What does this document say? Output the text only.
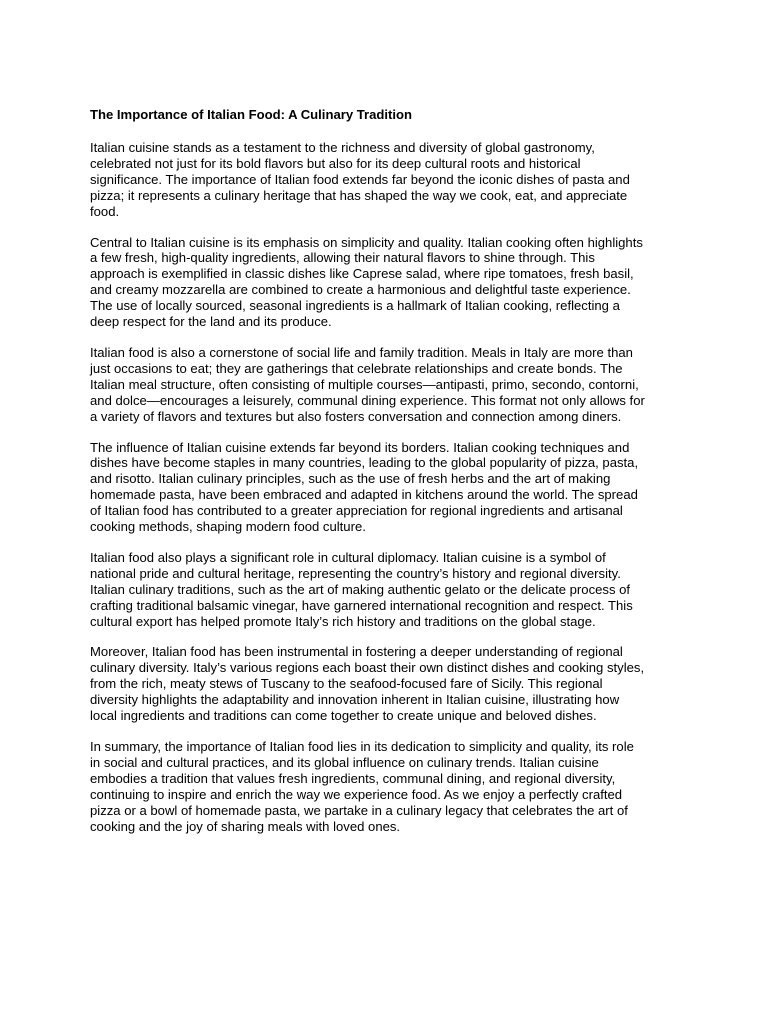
The Importance of Italian Food: A Culinary Tradition
Italian cuisine stands as a testament to the richness and diversity of global gastronomy,
celebrated not just for its bold flavors but also for its deep cultural roots and historical
significance. The importance of Italian food extends far beyond the iconic dishes of pasta and
pizza; it represents a culinary heritage that has shaped the way we cook, eat, and appreciate
food.
Central to Italian cuisine is its emphasis on simplicity and quality. Italian cooking often highlights
a few fresh, high-quality ingredients, allowing their natural flavors to shine through. This
approach is exemplified in classic dishes like Caprese salad, where ripe tomatoes, fresh basil,
and creamy mozzarella are combined to create a harmonious and delightful taste experience.
The use of locally sourced, seasonal ingredients is a hallmark of Italian cooking, reflecting a
deep respect for the land and its produce.
Italian food is also a cornerstone of social life and family tradition. Meals in Italy are more than
just occasions to eat; they are gatherings that celebrate relationships and create bonds. The
Italian meal structure, often consisting of multiple courses—antipasti, primo, secondo, contorni,
and dolce—encourages a leisurely, communal dining experience. This format not only allows for
a variety of flavors and textures but also fosters conversation and connection among diners.
The influence of Italian cuisine extends far beyond its borders. Italian cooking techniques and
dishes have become staples in many countries, leading to the global popularity of pizza, pasta,
and risotto. Italian culinary principles, such as the use of fresh herbs and the art of making
homemade pasta, have been embraced and adapted in kitchens around the world. The spread
of Italian food has contributed to a greater appreciation for regional ingredients and artisanal
cooking methods, shaping modern food culture.
Italian food also plays a significant role in cultural diplomacy. Italian cuisine is a symbol of
national pride and cultural heritage, representing the country’s history and regional diversity.
Italian culinary traditions, such as the art of making authentic gelato or the delicate process of
crafting traditional balsamic vinegar, have garnered international recognition and respect. This
cultural export has helped promote Italy’s rich history and traditions on the global stage.
Moreover, Italian food has been instrumental in fostering a deeper understanding of regional
culinary diversity. Italy’s various regions each boast their own distinct dishes and cooking styles,
from the rich, meaty stews of Tuscany to the seafood-focused fare of Sicily. This regional
diversity highlights the adaptability and innovation inherent in Italian cuisine, illustrating how
local ingredients and traditions can come together to create unique and beloved dishes.
In summary, the importance of Italian food lies in its dedication to simplicity and quality, its role
in social and cultural practices, and its global influence on culinary trends. Italian cuisine
embodies a tradition that values fresh ingredients, communal dining, and regional diversity,
continuing to inspire and enrich the way we experience food. As we enjoy a perfectly crafted
pizza or a bowl of homemade pasta, we partake in a culinary legacy that celebrates the art of
cooking and the joy of sharing meals with loved ones.
